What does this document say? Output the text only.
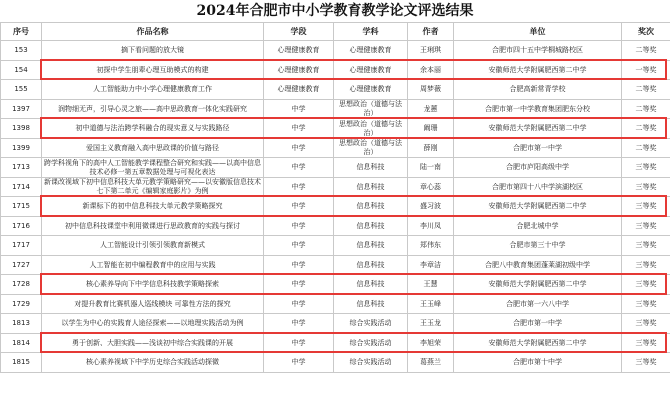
2024年合肥市中小学教育教学论文评选结果
序号	作品名称	学段	学科	作者	单位	奖次
153	摘下看问题的放大镜	心理健康教育	心理健康教育	王琍琪	合肥市四十五中学桐城路校区	二等奖
154	初探中学生朋辈心理互助模式的构建	心理健康教育	心理健康教育	余本丽	安徽师范大学附属肥西第二中学	一等奖
155	人工智能助力中小学心理健康教育工作	心理健康教育	心理健康教育	周梦薇	合肥高新常青学校	二等奖
1397	润物细无声，引导心灵之旅——高中思政教育一体化实践研究	中学	思想政治（道德与法治）	龙蕙	合肥市第一中学教育集团肥东分校	二等奖
1398	初中道德与法治跨学科融合的现实意义与实践路径	中学	思想政治（道德与法治）	阚珊	安徽师范大学附属肥西第二中学	二等奖
1399	爱国主义教育融入高中思政课的价值与路径	中学	思想政治（道德与法治）	薛刚	合肥市第一中学	二等奖
1713	跨学科视角下的高中人工智能教学课程整合研究和实践——以高中信息技术必修一第五章数据处理与可视化表达	中学	信息科技	陆一南	合肥市庐阳高级中学	三等奖
1714	新课改视域下初中信息科技大单元教学策略研究——以安徽版信息技术七下第二单元《编辑家庭影片》为例	中学	信息科技	章心蕊	合肥市第四十八中学滨湖校区	三等奖
1715	新课标下的初中信息科技大单元教学策略探究	中学	信息科技	盛习波	安徽师范大学附属肥西第二中学	三等奖
1716	初中信息科技课堂中利用微课进行思政教育的实践与探讨	中学	信息科技	李川凤	合肥北城中学	三等奖
1717	人工智能设计引领引领教育新模式	中学	信息科技	郑伟东	合肥市第三十中学	三等奖
1727	人工智能在初中编程教育中的应用与实践	中学	信息科技	李章洁	合肥八中教育集团蓬莱湖初级中学	三等奖
1728	核心素养导向下中学信息科技教学策略探索	中学	信息科技	王慧	安徽师范大学附属肥西第二中学	三等奖
1729	对提升教育比赛机器人巡线模块 可靠性方法的探究	中学	信息科技	王玉峰	合肥市第一六八中学	三等奖
1813	以学生为中心的实践育人途径探索——以地理实践活动为例	中学	综合实践活动	王玉龙	合肥市第一中学	三等奖
1814	勇于创新、大胆实践——浅谈初中综合实践课的开展	中学	综合实践活动	李旭荣	安徽师范大学附属肥西第二中学	三等奖
1815	核心素养视域下中学历史综合实践活动探微	中学	综合实践活动	葛燕兰	合肥市第十中学	三等奖
